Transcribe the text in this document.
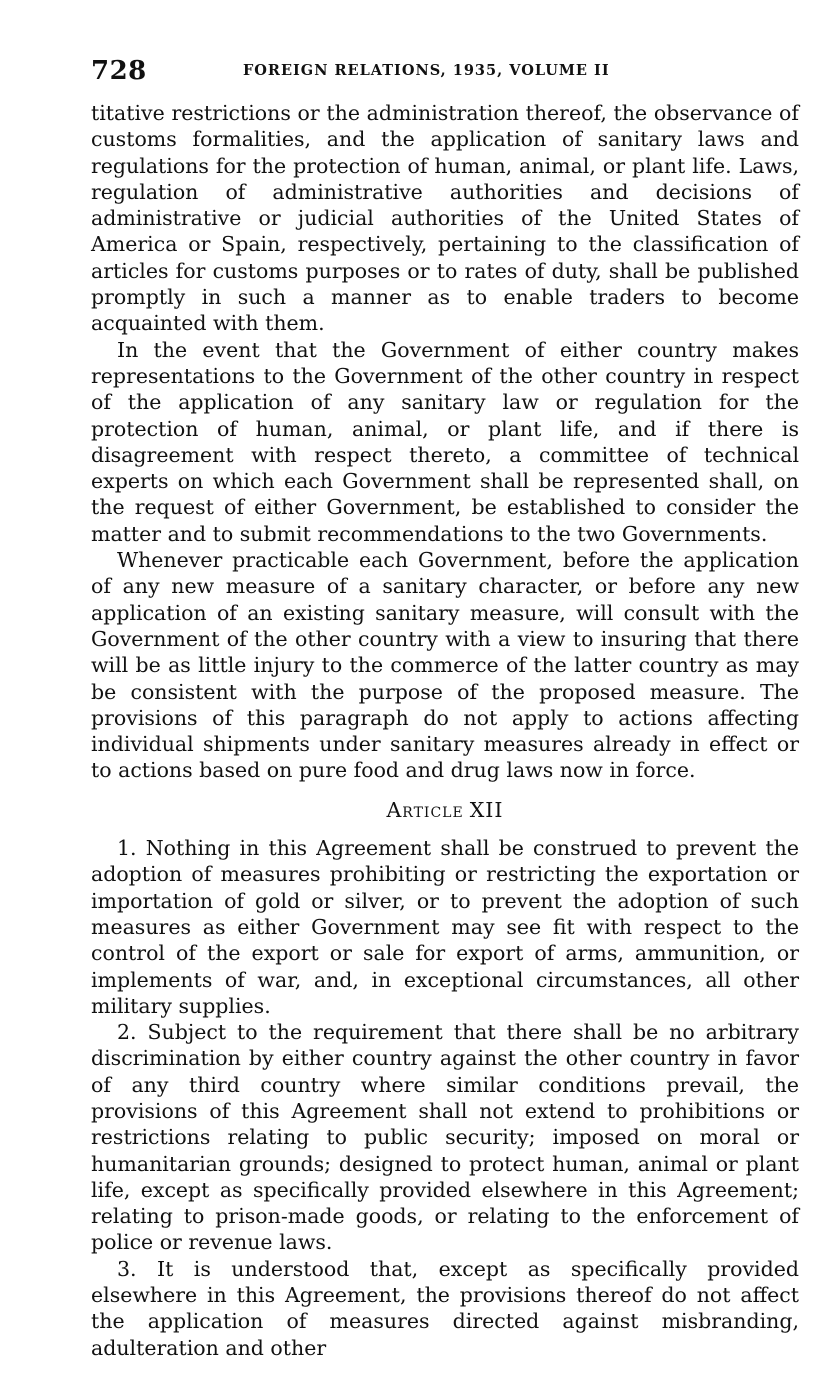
728	FOREIGN RELATIONS, 1935, VOLUME II

titative restrictions or the administration thereof, the observance of customs formalities, and the application of sanitary laws and regulations for the protection of human, animal, or plant life. Laws, regulation of administrative authorities and decisions of administrative or judicial authorities of the United States of America or Spain, respectively, pertaining to the classification of articles for customs purposes or to rates of duty, shall be published promptly in such a manner as to enable traders to become acquainted with them.

In the event that the Government of either country makes representations to the Government of the other country in respect of the application of any sanitary law or regulation for the protection of human, animal, or plant life, and if there is disagreement with respect thereto, a committee of technical experts on which each Government shall be represented shall, on the request of either Government, be established to consider the matter and to submit recommendations to the two Governments.

Whenever practicable each Government, before the application of any new measure of a sanitary character, or before any new application of an existing sanitary measure, will consult with the Government of the other country with a view to insuring that there will be as little injury to the commerce of the latter country as may be consistent with the purpose of the proposed measure. The provisions of this paragraph do not apply to actions affecting individual shipments under sanitary measures already in effect or to actions based on pure food and drug laws now in force.

Article XII

1. Nothing in this Agreement shall be construed to prevent the adoption of measures prohibiting or restricting the exportation or importation of gold or silver, or to prevent the adoption of such measures as either Government may see fit with respect to the control of the export or sale for export of arms, ammunition, or implements of war, and, in exceptional circumstances, all other military supplies.

2. Subject to the requirement that there shall be no arbitrary discrimination by either country against the other country in favor of any third country where similar conditions prevail, the provisions of this Agreement shall not extend to prohibitions or restrictions relating to public security; imposed on moral or humanitarian grounds; designed to protect human, animal or plant life, except as specifically provided elsewhere in this Agreement; relating to prison-made goods, or relating to the enforcement of police or revenue laws.

3. It is understood that, except as specifically provided elsewhere in this Agreement, the provisions thereof do not affect the application of measures directed against misbranding, adulteration and other
